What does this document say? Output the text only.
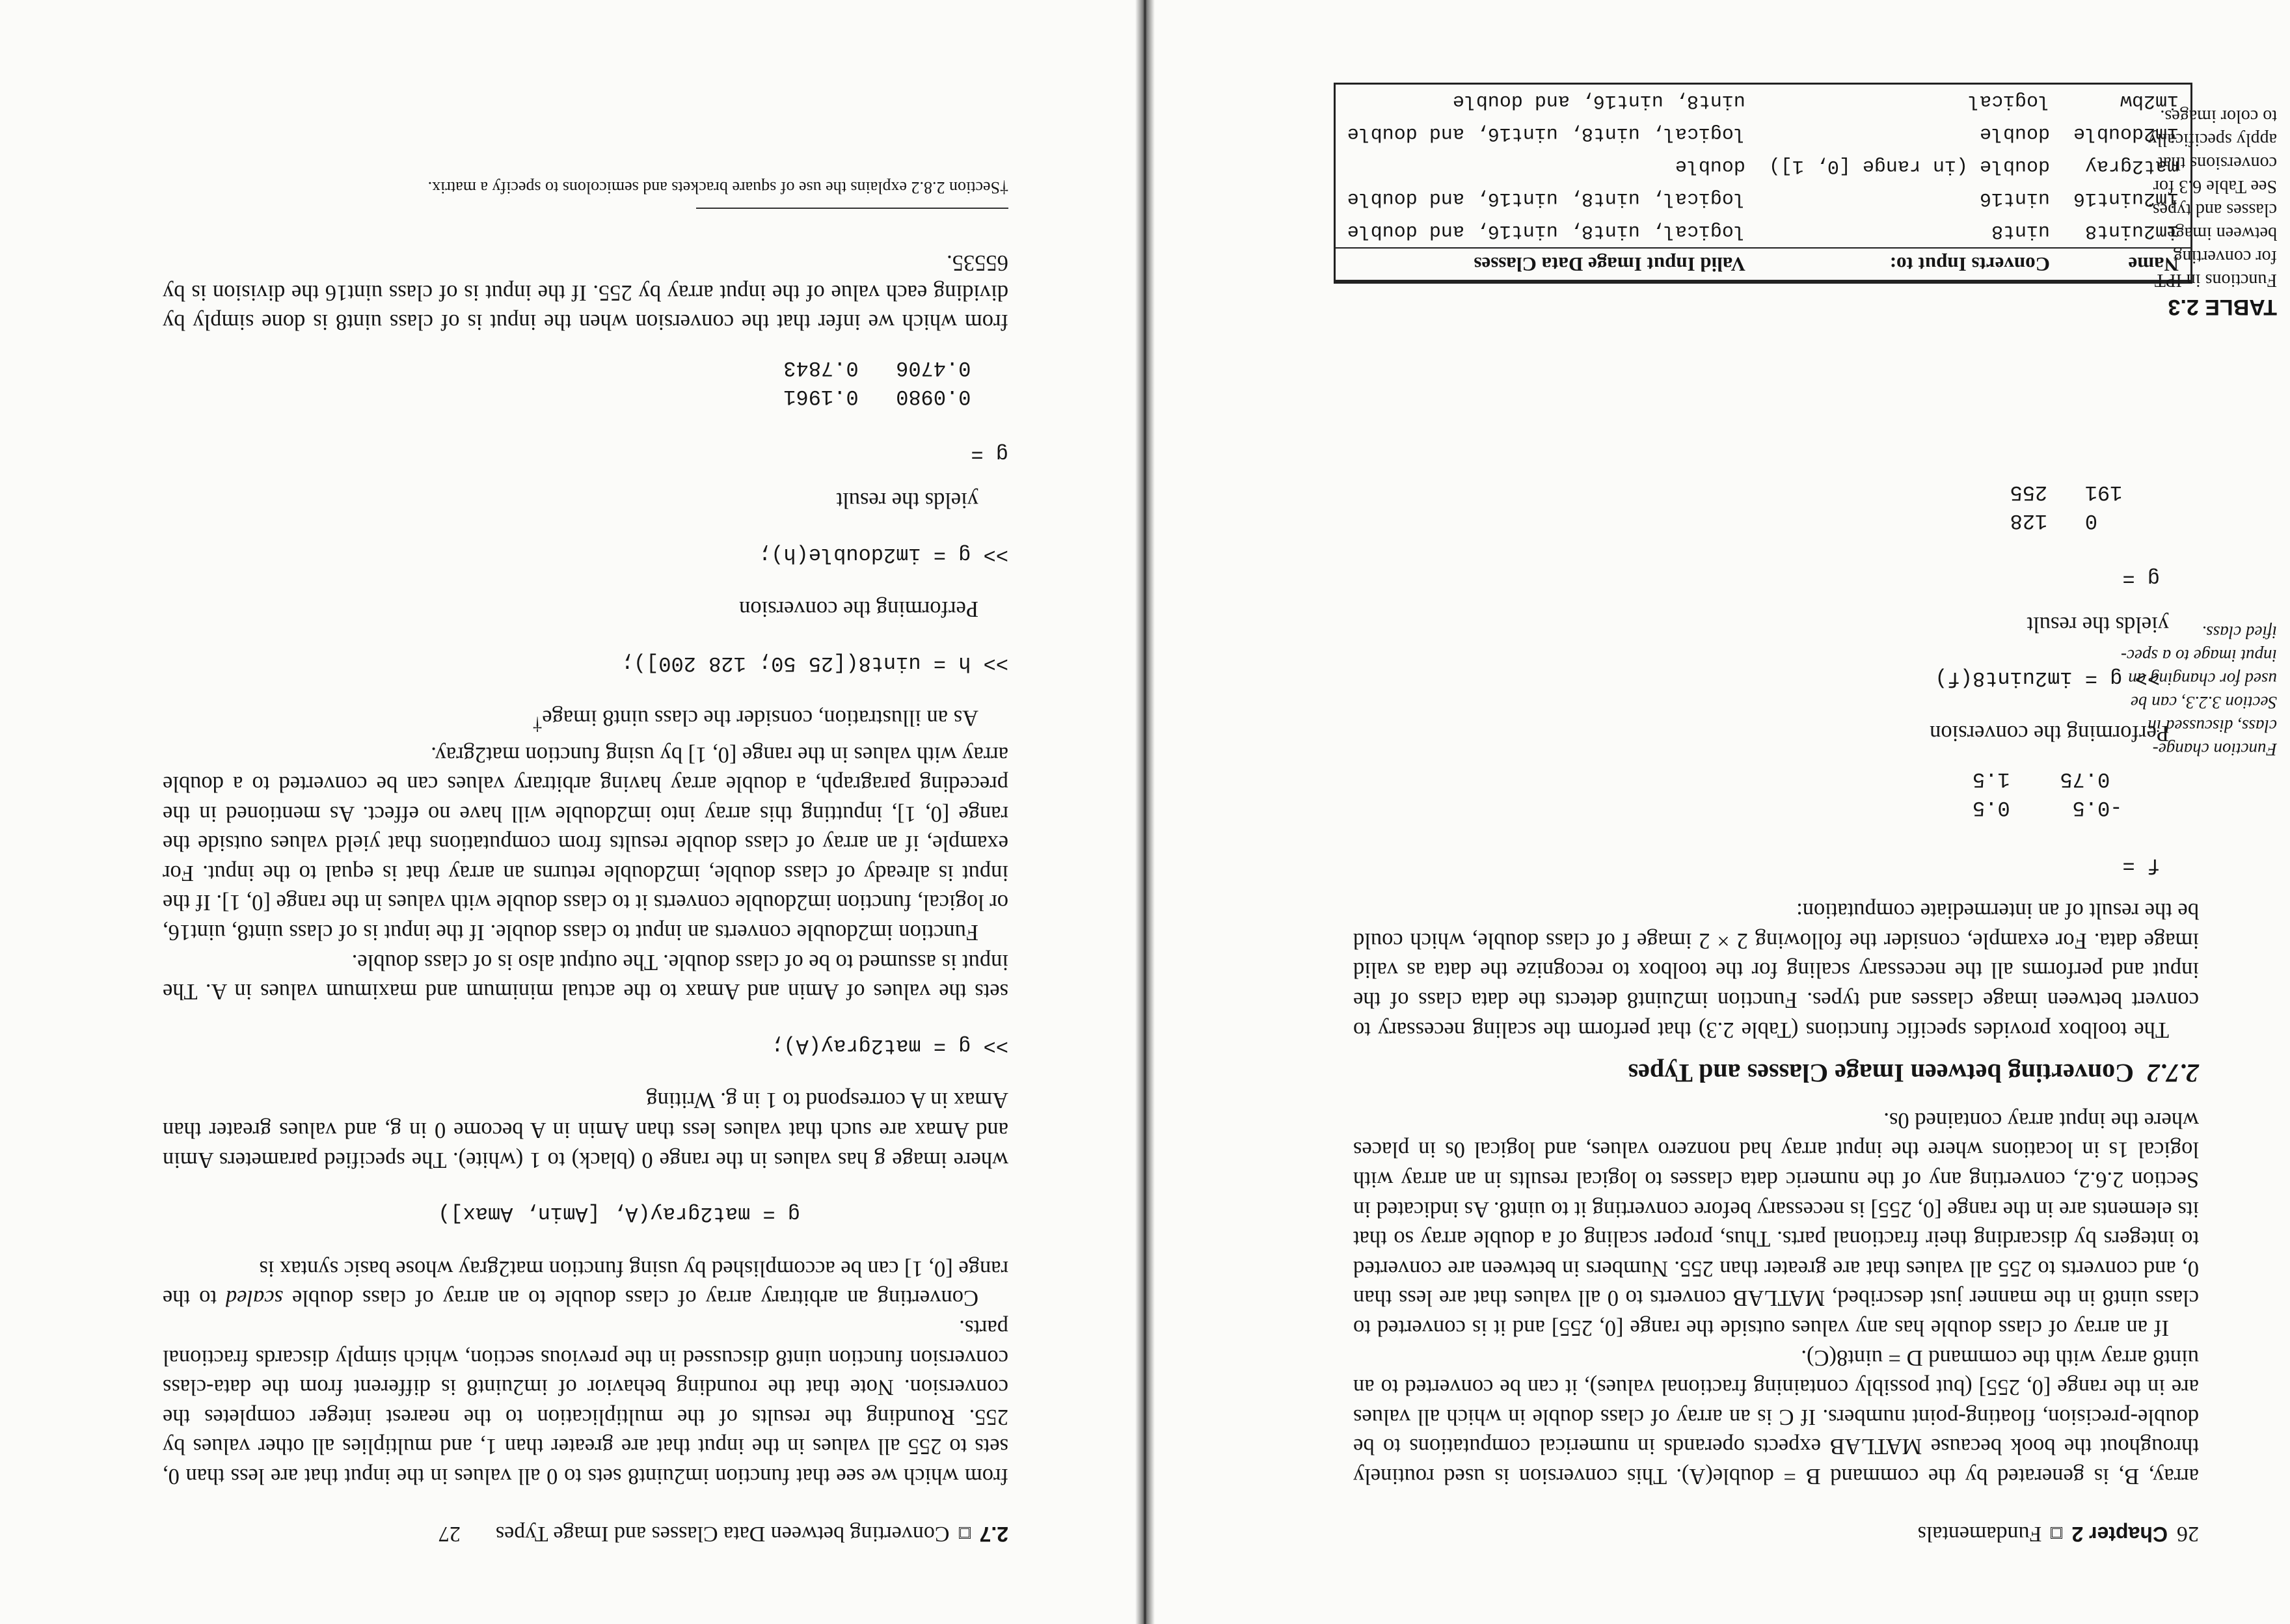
26
Chapter 2
Fundamentals

array, B, is generated by the command B = double(A). This conversion is used routinely throughout the book because MATLAB expects operands in numerical computations to be double-precision, floating-point numbers. If C is an array of class double in which all values are in the range [0, 255] (but possibly containing fractional values), it can be converted to an uint8 array with the command D = uint8(C).

If an array of class double has any values outside the range [0, 255] and it is converted to class uint8 in the manner just described, MATLAB converts to 0 all values that are less than 0, and converts to 255 all values that are greater than 255. Numbers in between are converted to integers by discarding their fractional parts. Thus, proper scaling of a double array so that its elements are in the range [0, 255] is necessary before converting it to uint8. As indicated in Section 2.6.2, converting any of the numeric data classes to logical results in an array with logical 1s in locations where the input array had nonzero values, and logical 0s in places where the input array contained 0s.

2.7.2  Converting between Image Classes and Types

The toolbox provides specific functions (Table 2.3) that perform the scaling necessary to convert between image classes and types. Function im2uint8 detects the data class of the input and performs all the necessary scaling for the toolbox to recognize the data as valid image data. For example, consider the following 2 × 2 image f of class double, which could be the result of an intermediate computation:

f =

-0.5     0.5
0.75    1.5

Performing the conversion

>> g = im2uint8(f)

yields the result

g =

0   128
191   255
Name	Converts Input to:	Valid Input Image Data Classes
im2uint8	uint8	logical, uint8, uint16, and double
im2uint16	uint16	logical, uint8, uint16, and double
mat2gray	double (in range [0, 1])	double
im2double	double	logical, uint8, uint16, and double
im2bw	logical	uint8, uint16, and double
2.7
Converting between Data Classes and Image Types
27

from which we see that function im2uint8 sets to 0 all values in the input that are less than 0, sets to 255 all values in the input that are greater than 1, and multiplies all other values by 255. Rounding the results of the multiplication to the nearest integer completes the conversion. Note that the rounding behavior of im2uint8 is different from the data-class conversion function uint8 discussed in the previous section, which simply discards fractional parts.

Converting an arbitrary array of class double to an array of class double scaled to the range [0, 1] can be accomplished by using function mat2gray whose basic syntax is

g = mat2gray(A, [Amin, Amax])

where image g has values in the range 0 (black) to 1 (white). The specified parameters Amin and Amax are such that values less than Amin in A become 0 in g, and values greater than Amax in A correspond to 1 in g. Writing

>> g = mat2gray(A);

sets the values of Amin and Amax to the actual minimum and maximum values in A. The input is assumed to be of class double. The output also is of class double.

Function im2double converts an input to class double. If the input is of class uint8, uint16, or logical, function im2double converts it to class double with values in the range [0, 1]. If the input is already of class double, im2double returns an array that is equal to the input. For example, if an array of class double results from computations that yield values outside the range [0, 1], inputting this array into im2double will have no effect. As mentioned in the preceding paragraph, a double array having arbitrary values can be converted to a double array with values in the range [0, 1] by using function mat2gray.

As an illustration, consider the class uint8 image†

>> h = uint8([25 50; 128 200]);

Performing the conversion

>> g = im2double(h);

yields the result

g =

0.0980   0.1961
0.4706   0.7843

from which we infer that the conversion when the input is of class uint8 is done simply by dividing each value of the input array by 255. If the input is of class uint16 the division is by 65535.

†Section 2.8.2 explains the use of square brackets and semicolons to specify a matrix.
Function change-
class, discussed in
Section 3.2.3, can be
used for changing an
input image to a spec-
ified class.
TABLE 2.3
Functions in IPT
for converting
between image
classes and types.
See Table 6.3 for
conversions that
apply specifically
to color images.
